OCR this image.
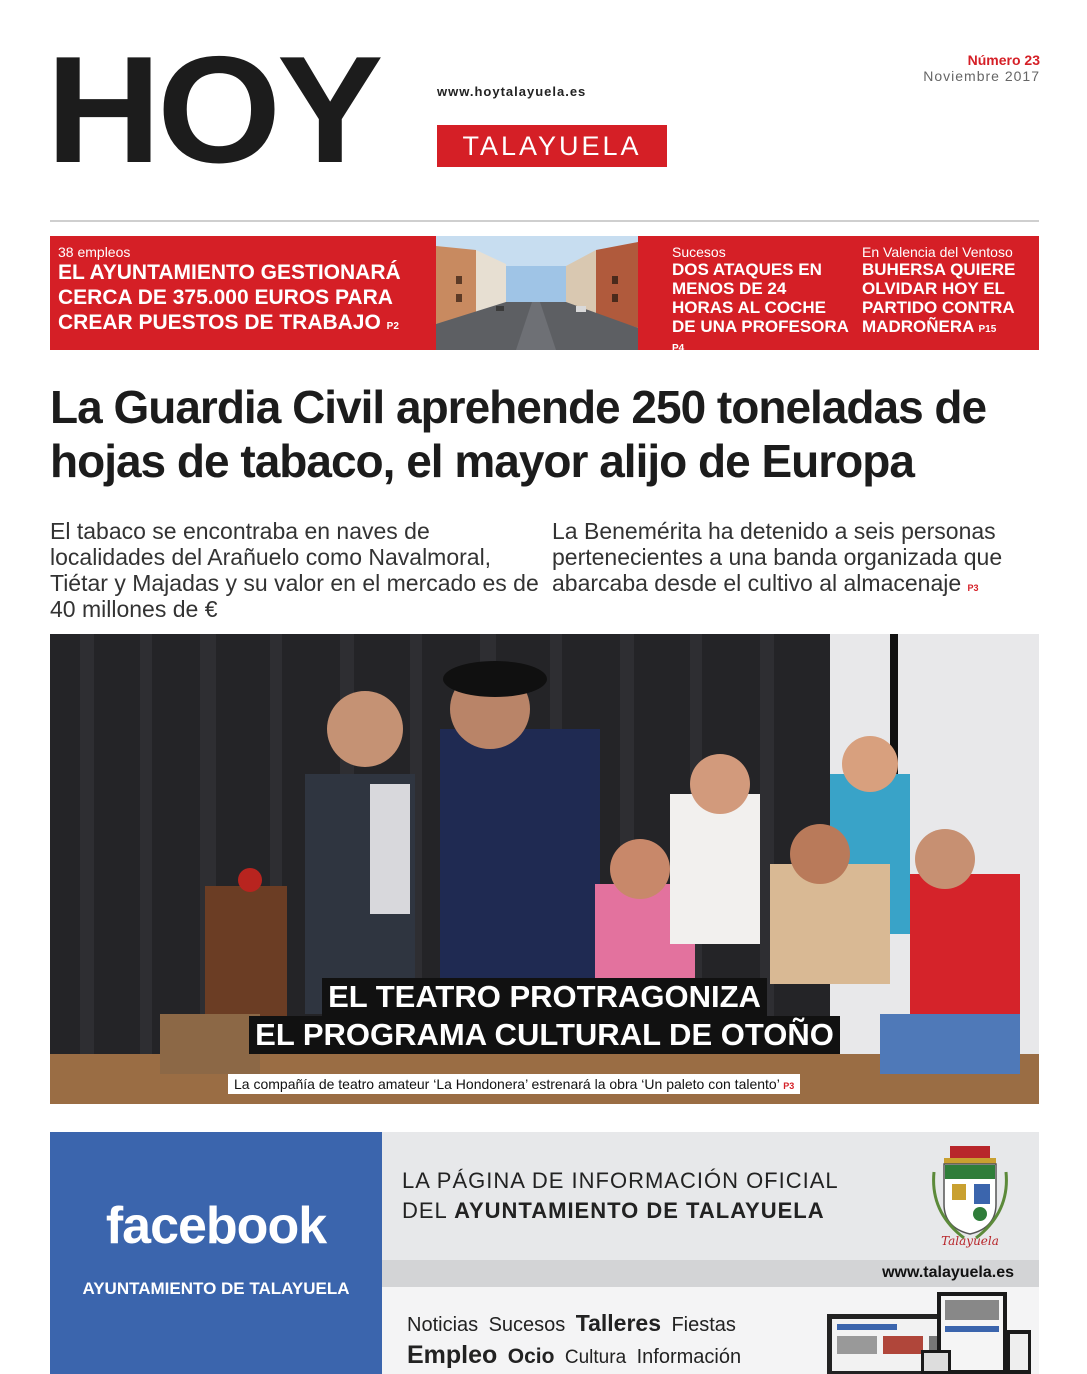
HOY	www.hoytalayuela.es
TALAYUELA
Número 23
Noviembre 2017
38 empleos
EL AYUNTAMIENTO GESTIONARÁ CERCA DE 375.000 EUROS PARA CREAR PUESTOS DE TRABAJO P2
Sucesos
DOS ATAQUES EN MENOS DE 24 HORAS AL COCHE DE UNA PROFESORA P4
En Valencia del Ventoso
BUHERSA QUIERE OLVIDAR HOY EL PARTIDO CONTRA MADROÑERA P15
La Guardia Civil aprehende 250 toneladas de hojas de tabaco, el mayor alijo de Europa
El tabaco se encontraba en naves de localidades del Arañuelo como Navalmoral, Tiétar y Majadas y su valor en el mercado es de 40 millones de €
La Benemérita ha detenido a seis personas pertenecientes a una banda organizada que abarcaba desde el cultivo al almacenaje P3
EL TEATRO PROTRAGONIZA
EL PROGRAMA CULTURAL DE OTOÑO
La compañía de teatro amateur ‘La Hondonera’ estrenará la obra ‘Un paleto con talento’ P3
facebook
AYUNTAMIENTO DE TALAYUELA
LA PÁGINA DE INFORMACIÓN OFICIAL
DEL AYUNTAMIENTO DE TALAYUELA
Talayuela
www.talayuela.es
Noticias Sucesos Talleres Fiestas
Empleo Ocio Cultura Información
